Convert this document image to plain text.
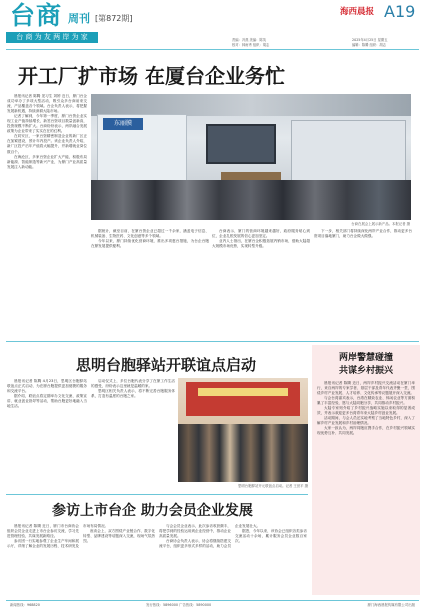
台商 周刊 [第872期]
台 商 为 友 两 岸 为 家	责编：冯燕 美编：陈英
校对：林雨秀 组织：胡志
海西晨报 A19
2025年4月25日 星期五
编辑：陈腾 组织：胡志
开工厂扩市场 在厦台企业务忙

晨报讯记者 陈腾 见习生 刘婷 近日，厦门台企成功举办了多项大型活动，吸引众多台商前来交流，产品覆盖各个领域。台企负责人表示，将把握发展新机遇，持续深耕大陆市场。

记者了解到，今年第一季度，厦门台资企业实现工业产值持续增长，新签台资项目数量创新高，投资规模不断扩大。台商纷纷表示，两岸融合发展政策为企业带来了实实在在的红利。

在同安区，一家台资精密制造企业的新厂区正在加紧建设，预计年内投产。该企业负责人介绍，新厂区投产后年产值将大幅提升，并新增就业岗位数百个。

在海沧区，多家台资企业扩大产能，积极布局新能源、智能制造等新兴产业，为厦门产业高质量发展注入新动能。

东丽膜
台商在展会上展示新产品。本报记者 摄

据统计，截至目前，在厦台资企业已超过一千余家，涵盖电子信息、机械装备、生物医药、文化创意等多个领域。

今年以来，厦门持续优化营商环境，推出多项惠台措施，为台企台胞在厦发展提供便利。

台商表示，厦门的营商环境越来越好，政府服务贴心到位，企业扎根发展的信心更加坚定。

业内人士指出，在厦台企积极拓展内销市场，借助大陆超大规模市场优势，实现转型升级。

下一步，相关部门将持续深化两岸产业合作，推动更多台资项目落地厦门，助力台企做大做强。

思明台胞驿站开联谊点启动

晨报讯记者 陈腾 4月23日，思明区台胞驿站联谊点正式启动，为在厦台胞提供更加便捷的服务和交流平台。

据介绍，联谊点将定期举办文化交流、政策宣讲、就业创业指导等活动，帮助台胞更好地融入当地生活。

启动仪式上，多位台胞代表分享了在厦工作生活的感受，纷纷表示这里就是温暖的家。

思明区相关负责人表示，将不断完善台胞服务体系，打造有温度的台胞之家。

思明台胞驿站开元联谊点启动。记者 王世平 摄
两岸警慧碰撞
共谋乡村振兴

晨报讯记者 陈腾 近日，两岸乡村振兴交流活动在厦门举行，来自两岸的专家学者、基层干部及青年代表齐聚一堂，围绕乡村产业发展、人才培养、文化传承等议题展开深入交流。

与会台湾嘉宾表示，台湾在精致农业、休闲农业等方面积累了丰富经验，愿与大陆同胞分享，共同推动乡村振兴。

大陆专家则介绍了乡村振兴战略实施以来取得的显著成效，并表示欢迎更多台湾青年来大陆乡村创业发展。

活动期间，与会人员还实地考察了当地特色乡村，深入了解乡村产业发展和乡村治理情况。

大家一致认为，两岸同胞应携手合作，在乡村振兴领域实现优势互补、共同发展。

参访上市台企 助力会员企业发展

晨报讯记者 陈腾 近日，厦门市台商协会组织会员企业走进上市台企参访交流，学习先进管理经验，共谋发展新路径。

参访团一行实地参观了企业生产车间和展示厅，详细了解企业的发展历程、技术研发及市场布局情况。

座谈会上，双方围绕产业链合作、数字化转型、品牌建设等话题深入交流，现场气氛热烈。

与会会员企业表示，此次参访收获颇丰，将把学到的经验运用到企业经营中，推动企业高质量发展。

台商协会负责人表示，协会将继续搭建交流平台，组织更多形式多样的活动，助力会员企业发展壮大。

据悉，今年以来，该协会已组织各类参访交流活动十余场，累计服务会员企业数百家次。

新闻热线：968820	发行热线：5896000 广告热线：5890000	厦门海西晨报传媒有限公司出版
